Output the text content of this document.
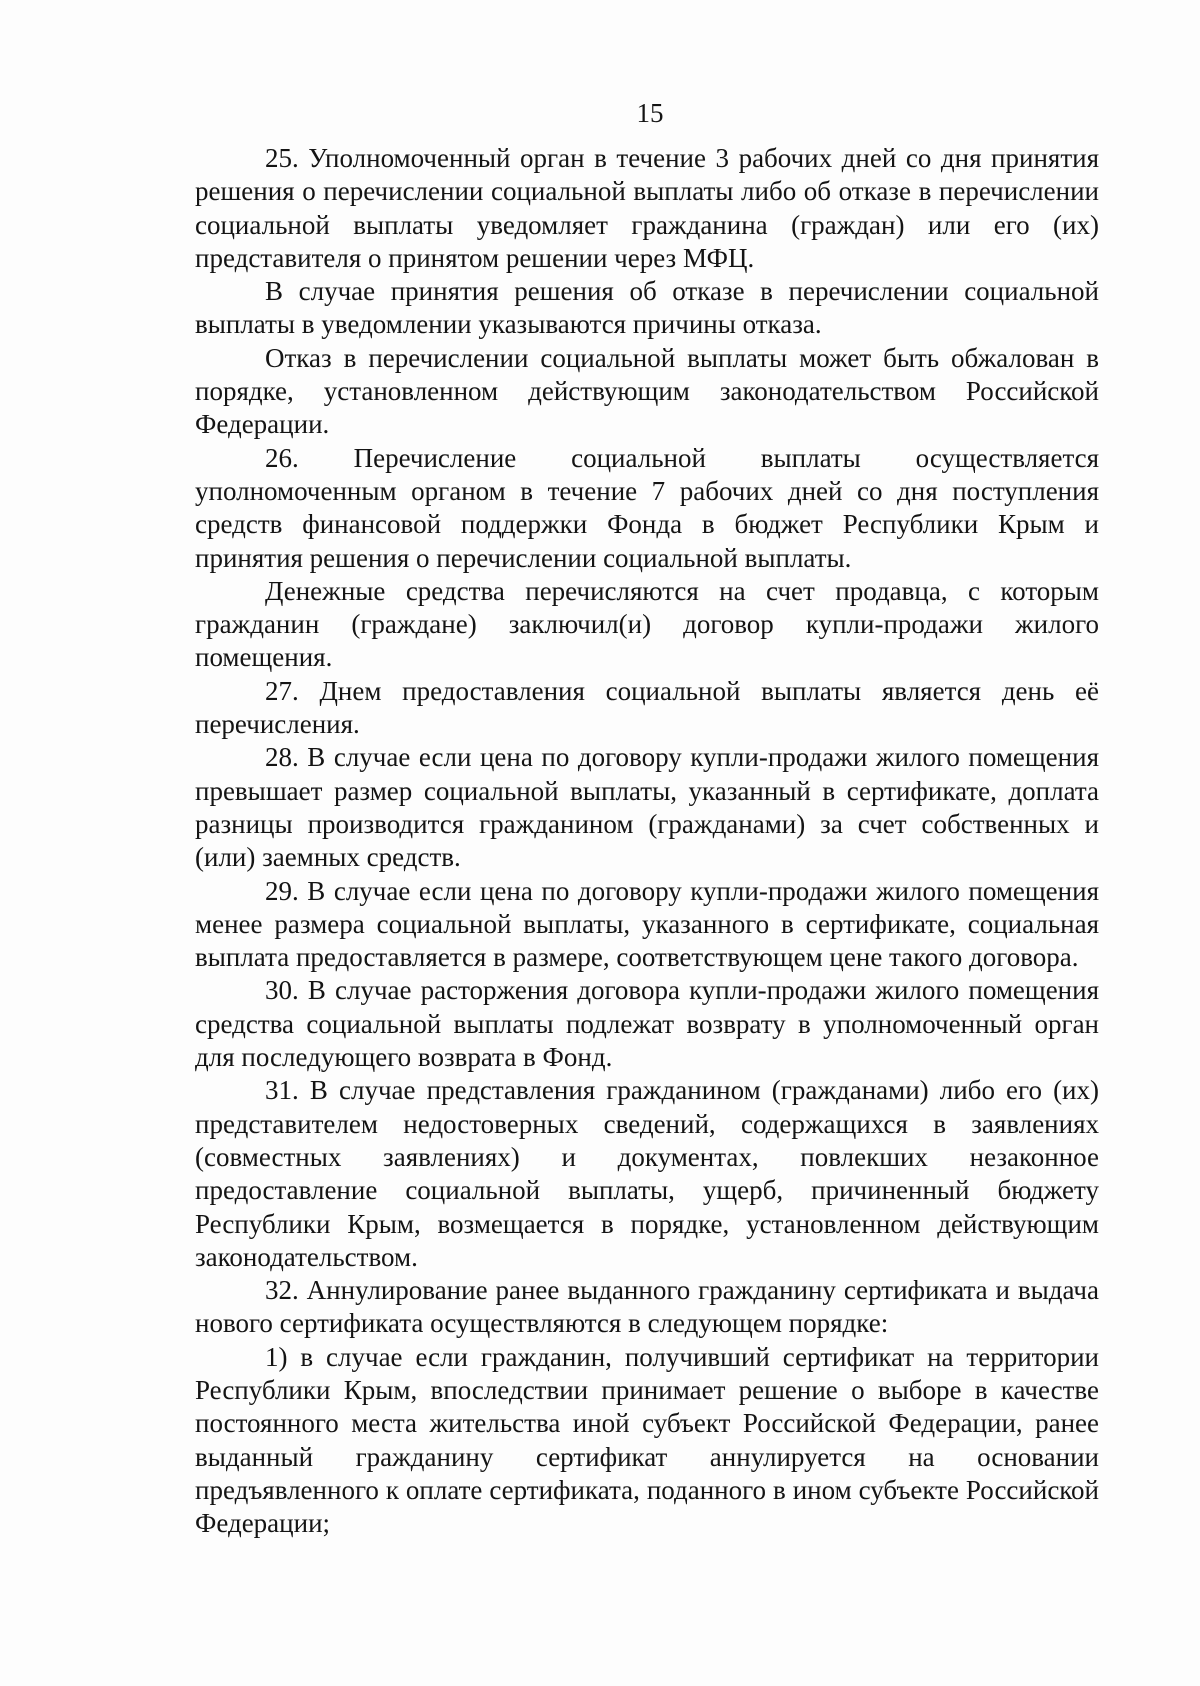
15

25. Уполномоченный орган в течение 3 рабочих дней со дня принятия решения о перечислении социальной выплаты либо об отказе в перечислении социальной выплаты уведомляет гражданина (граждан) или его (их) представителя о принятом решении через МФЦ.

В случае принятия решения об отказе в перечислении социальной выплаты в уведомлении указываются причины отказа.

Отказ в перечислении социальной выплаты может быть обжалован в порядке, установленном действующим законодательством Российской Федерации.

26. Перечисление социальной выплаты осуществляется уполномоченным органом в течение 7 рабочих дней со дня поступления средств финансовой поддержки Фонда в бюджет Республики Крым и принятия решения о перечислении социальной выплаты.

Денежные средства перечисляются на счет продавца, с которым гражданин (граждане) заключил(и) договор купли-продажи жилого помещения.

27. Днем предоставления социальной выплаты является день её перечисления.

28. В случае если цена по договору купли-продажи жилого помещения превышает размер социальной выплаты, указанный в сертификате, доплата разницы производится гражданином (гражданами) за счет собственных и (или) заемных средств.

29. В случае если цена по договору купли-продажи жилого помещения менее размера социальной выплаты, указанного в сертификате, социальная выплата предоставляется в размере, соответствующем цене такого договора.

30. В случае расторжения договора купли-продажи жилого помещения средства социальной выплаты подлежат возврату в уполномоченный орган для последующего возврата в Фонд.

31. В случае представления гражданином (гражданами) либо его (их) представителем недостоверных сведений, содержащихся в заявлениях (совместных заявлениях) и документах, повлекших незаконное предоставление социальной выплаты, ущерб, причиненный бюджету Республики Крым, возмещается в порядке, установленном действующим законодательством.

32. Аннулирование ранее выданного гражданину сертификата и выдача нового сертификата осуществляются в следующем порядке:

1) в случае если гражданин, получивший сертификат на территории Республики Крым, впоследствии принимает решение о выборе в качестве постоянного места жительства иной субъект Российской Федерации, ранее выданный гражданину сертификат аннулируется на основании предъявленного к оплате сертификата, поданного в ином субъекте Российской Федерации;
